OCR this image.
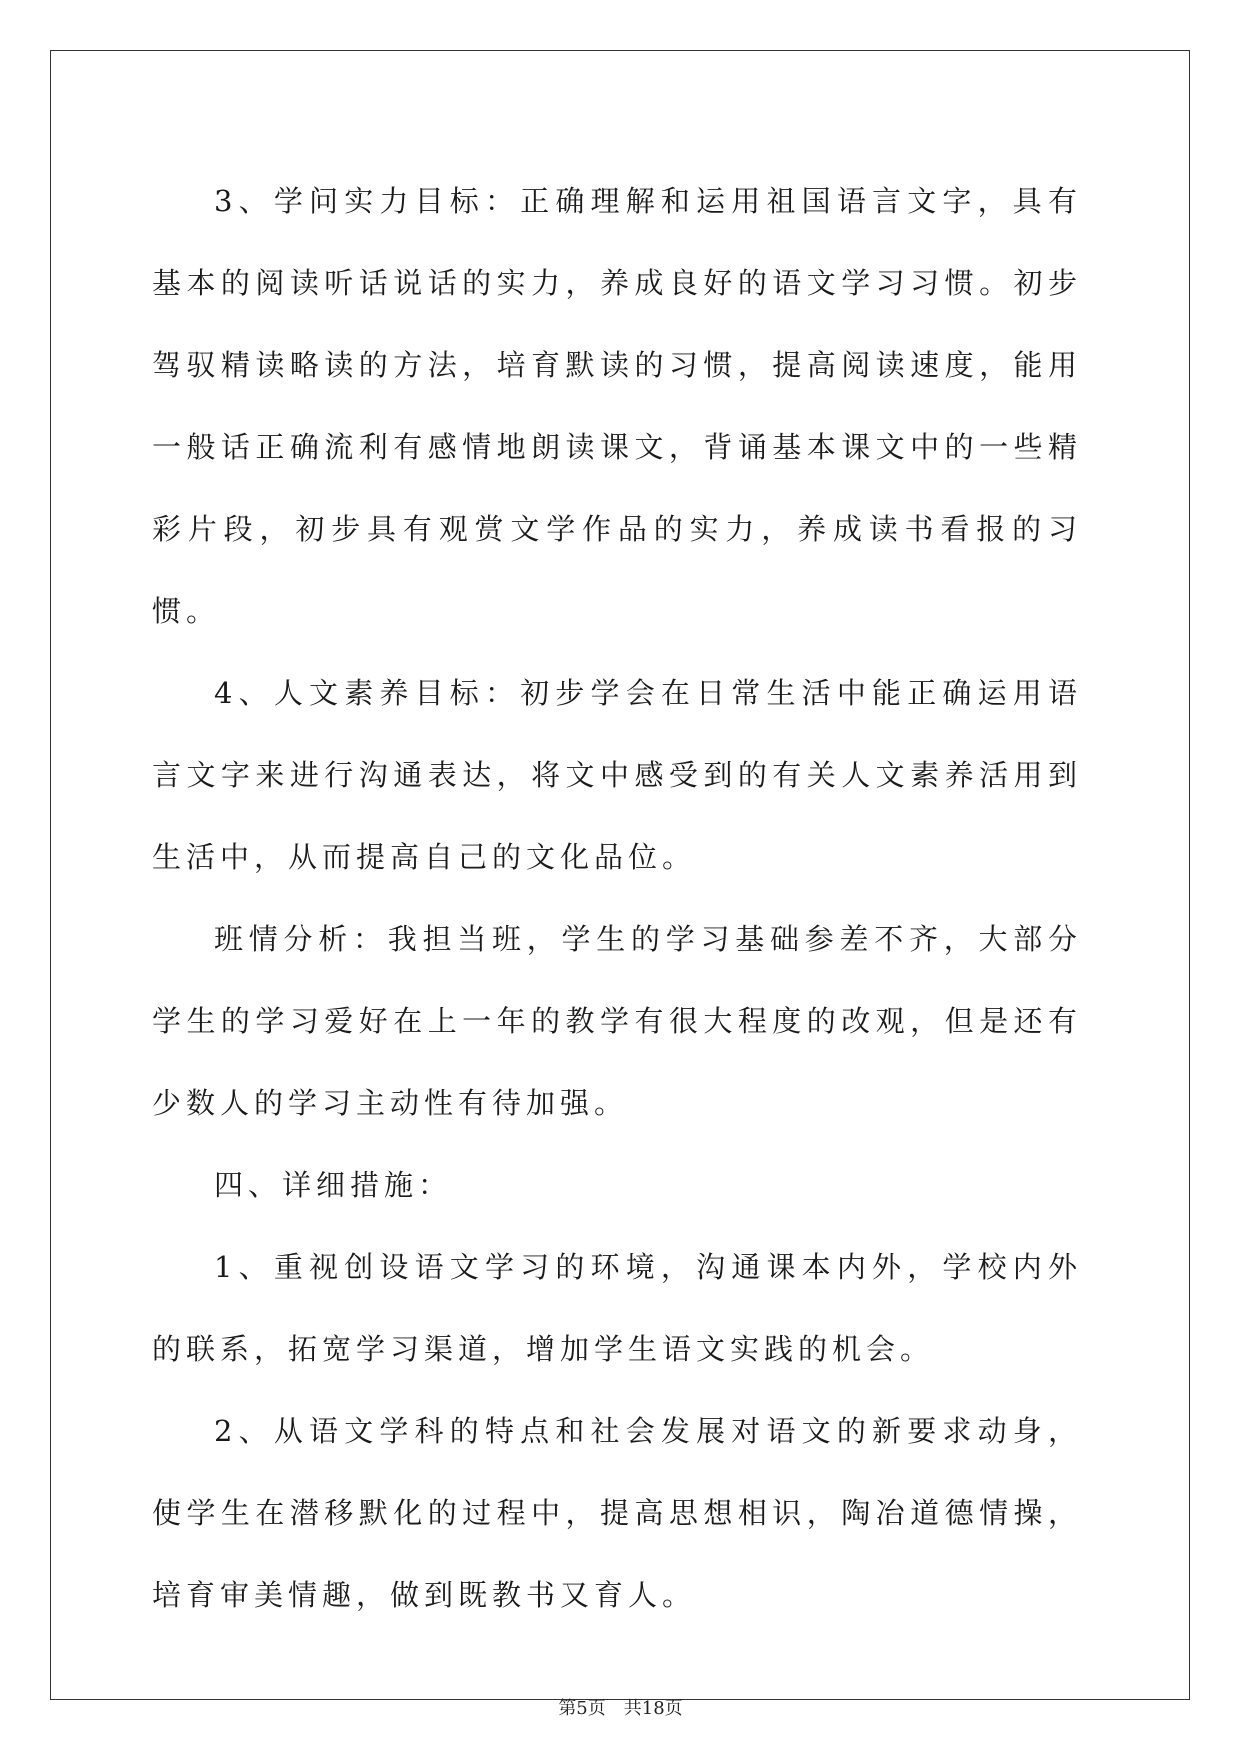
3、学问实力目标：正确理解和运用祖国语言文字，具有基本的阅读听话说话的实力，养成良好的语文学习习惯。初步驾驭精读略读的方法，培育默读的习惯，提高阅读速度，能用一般话正确流利有感情地朗读课文，背诵基本课文中的一些精彩片段，初步具有观赏文学作品的实力，养成读书看报的习惯。

4、人文素养目标：初步学会在日常生活中能正确运用语言文字来进行沟通表达，将文中感受到的有关人文素养活用到生活中，从而提高自己的文化品位。

班情分析：我担当班，学生的学习基础参差不齐，大部分学生的学习爱好在上一年的教学有很大程度的改观，但是还有少数人的学习主动性有待加强。

四、详细措施：

1、重视创设语文学习的环境，沟通课本内外，学校内外的联系，拓宽学习渠道，增加学生语文实践的机会。

2、从语文学科的特点和社会发展对语文的新要求动身，使学生在潜移默化的过程中，提高思想相识，陶冶道德情操，培育审美情趣，做到既教书又育人。

第5页　共18页
